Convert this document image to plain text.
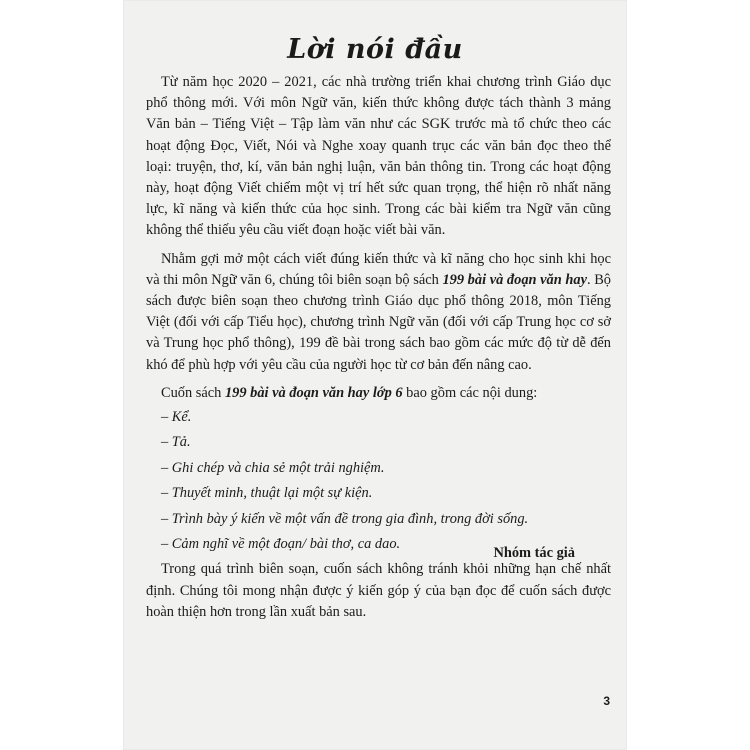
Lời nói đầu

Từ năm học 2020 – 2021, các nhà trường triển khai chương trình Giáo dục phổ thông mới. Với môn Ngữ văn, kiến thức không được tách thành 3 mảng Văn bản – Tiếng Việt – Tập làm văn như các SGK trước mà tổ chức theo các hoạt động Đọc, Viết, Nói và Nghe xoay quanh trục các văn bản đọc theo thể loại: truyện, thơ, kí, văn bản nghị luận, văn bản thông tin. Trong các hoạt động này, hoạt động Viết chiếm một vị trí hết sức quan trọng, thể hiện rõ nhất năng lực, kĩ năng và kiến thức của học sinh. Trong các bài kiểm tra Ngữ văn cũng không thể thiếu yêu cầu viết đoạn hoặc viết bài văn.

Nhằm gợi mở một cách viết đúng kiến thức và kĩ năng cho học sinh khi học và thi môn Ngữ văn 6, chúng tôi biên soạn bộ sách 199 bài và đoạn văn hay. Bộ sách được biên soạn theo chương trình Giáo dục phổ thông 2018, môn Tiếng Việt (đối với cấp Tiểu học), chương trình Ngữ văn (đối với cấp Trung học cơ sở và Trung học phổ thông), 199 đề bài trong sách bao gồm các mức độ từ dễ đến khó để phù hợp với yêu cầu của người học từ cơ bản đến nâng cao.

Cuốn sách 199 bài và đoạn văn hay lớp 6 bao gồm các nội dung:

– Kể.

– Tả.

– Ghi chép và chia sẻ một trải nghiệm.

– Thuyết minh, thuật lại một sự kiện.

– Trình bày ý kiến về một vấn đề trong gia đình, trong đời sống.

– Cảm nghĩ về một đoạn/ bài thơ, ca dao.

Trong quá trình biên soạn, cuốn sách không tránh khỏi những hạn chế nhất định. Chúng tôi mong nhận được ý kiến góp ý của bạn đọc để cuốn sách được hoàn thiện hơn trong lần xuất bản sau.

Nhóm tác giả
3
